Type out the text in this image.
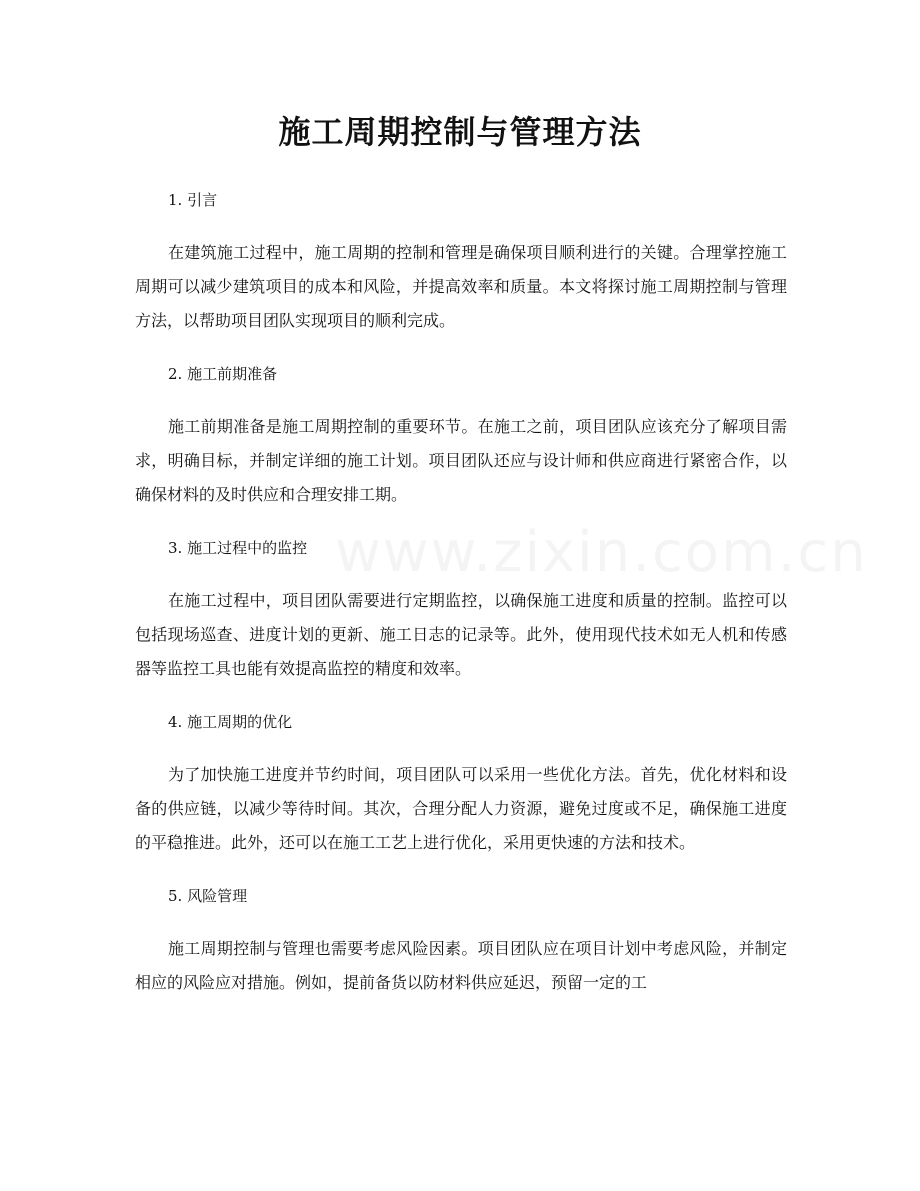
施工周期控制与管理方法

1. 引言

在建筑施工过程中，施工周期的控制和管理是确保项目顺利进行的关键。合理掌控施工周期可以减少建筑项目的成本和风险，并提高效率和质量。本文将探讨施工周期控制与管理方法，以帮助项目团队实现项目的顺利完成。

2. 施工前期准备

施工前期准备是施工周期控制的重要环节。在施工之前，项目团队应该充分了解项目需求，明确目标，并制定详细的施工计划。项目团队还应与设计师和供应商进行紧密合作，以确保材料的及时供应和合理安排工期。

3. 施工过程中的监控

在施工过程中，项目团队需要进行定期监控，以确保施工进度和质量的控制。监控可以包括现场巡查、进度计划的更新、施工日志的记录等。此外，使用现代技术如无人机和传感器等监控工具也能有效提高监控的精度和效率。

4. 施工周期的优化

为了加快施工进度并节约时间，项目团队可以采用一些优化方法。首先，优化材料和设备的供应链，以减少等待时间。其次，合理分配人力资源，避免过度或不足，确保施工进度的平稳推进。此外，还可以在施工工艺上进行优化，采用更快速的方法和技术。

5. 风险管理

施工周期控制与管理也需要考虑风险因素。项目团队应在项目计划中考虑风险，并制定相应的风险应对措施。例如，提前备货以防材料供应延迟，预留一定的工
